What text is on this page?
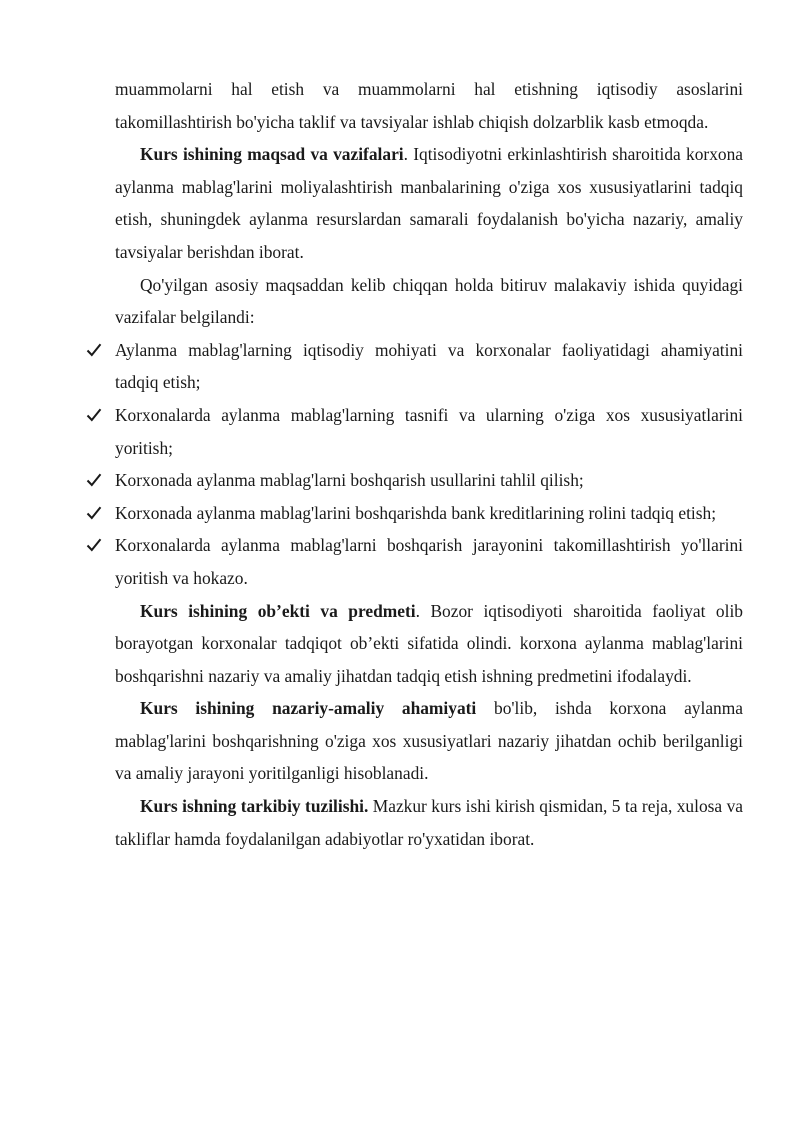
muammolarni hal etish va muammolarni hal etishning iqtisodiy asoslarini takomillashtirish bo'yicha taklif va tavsiyalar ishlab chiqish dolzarblik kasb etmoqda.

Kurs ishining maqsad va vazifalari. Iqtisodiyotni erkinlashtirish sharoitida korxona aylanma mablag'larini moliyalashtirish manbalarining o'ziga xos xususiyatlarini tadqiq etish, shuningdek aylanma resurslardan samarali foydalanish bo'yicha nazariy, amaliy tavsiyalar berishdan iborat.

Qo'yilgan asosiy maqsaddan kelib chiqqan holda bitiruv malakaviy ishida quyidagi vazifalar belgilandi:

Aylanma mablag'larning iqtisodiy mohiyati va korxonalar faoliyatidagi ahamiyatini tadqiq etish;
Korxonalarda aylanma mablag'larning tasnifi va ularning o'ziga xos xususiyatlarini yoritish;
Korxonada aylanma mablag'larni boshqarish usullarini tahlil qilish;
Korxonada aylanma mablag'larini boshqarishda bank kreditlarining rolini tadqiq etish;
Korxonalarda aylanma mablag'larni boshqarish jarayonini takomillashtirish yo'llarini yoritish va hokazo.

Kurs ishining ob’ekti va predmeti. Bozor iqtisodiyoti sharoitida faoliyat olib borayotgan korxonalar tadqiqot ob’ekti sifatida olindi. korxona aylanma mablag'larini boshqarishni nazariy va amaliy jihatdan tadqiq etish ishning predmetini ifodalaydi.

Kurs ishining nazariy-amaliy ahamiyati bo'lib, ishda korxona aylanma mablag'larini boshqarishning o'ziga xos xususiyatlari nazariy jihatdan ochib berilganligi va amaliy jarayoni yoritilganligi hisoblanadi.

Kurs ishning tarkibiy tuzilishi. Mazkur kurs ishi kirish qismidan, 5 ta reja, xulosa va takliflar hamda foydalanilgan adabiyotlar ro'yxatidan iborat.
